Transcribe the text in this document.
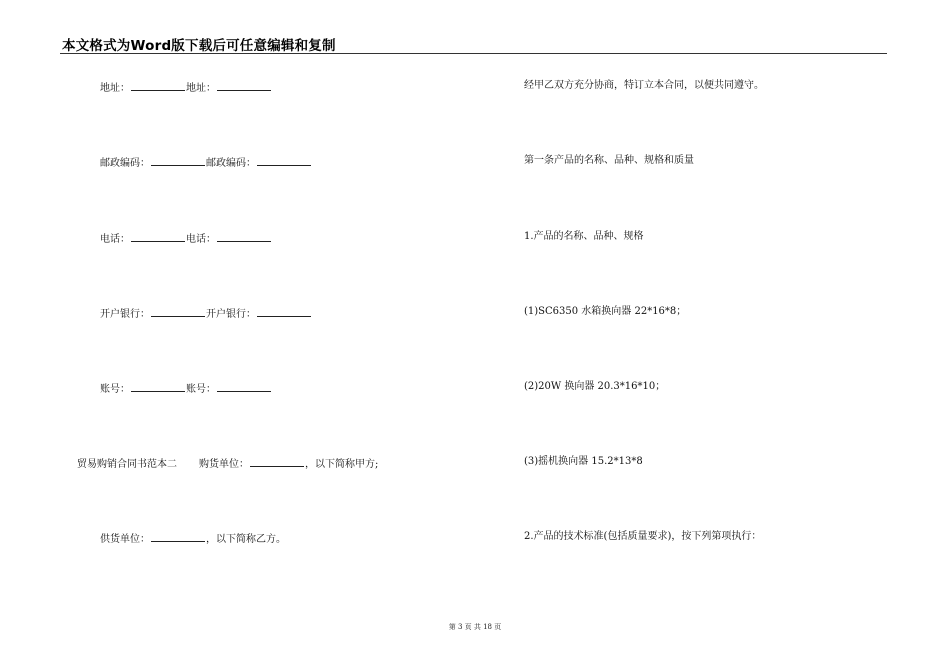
本文格式为Word版下载后可任意编辑和复制
地址：	地址：
邮政编码：	邮政编码：
电话：	电话：
开户银行：	开户银行：
账号：	账号：
贸易购销合同书范本二 购货单位：	，以下简称甲方;
供货单位：	，以下简称乙方。
经甲乙双方充分协商，特订立本合同，以便共同遵守。
第一条产品的名称、品种、规格和质量
1.产品的名称、品种、规格
(1)SC6350 水箱换向器 22*16*8；
(2)20W 换向器 20.3*16*10；
(3)摇机换向器 15.2*13*8
2.产品的技术标准(包括质量要求)，按下列第项执行：
第 3 页 共 18 页
